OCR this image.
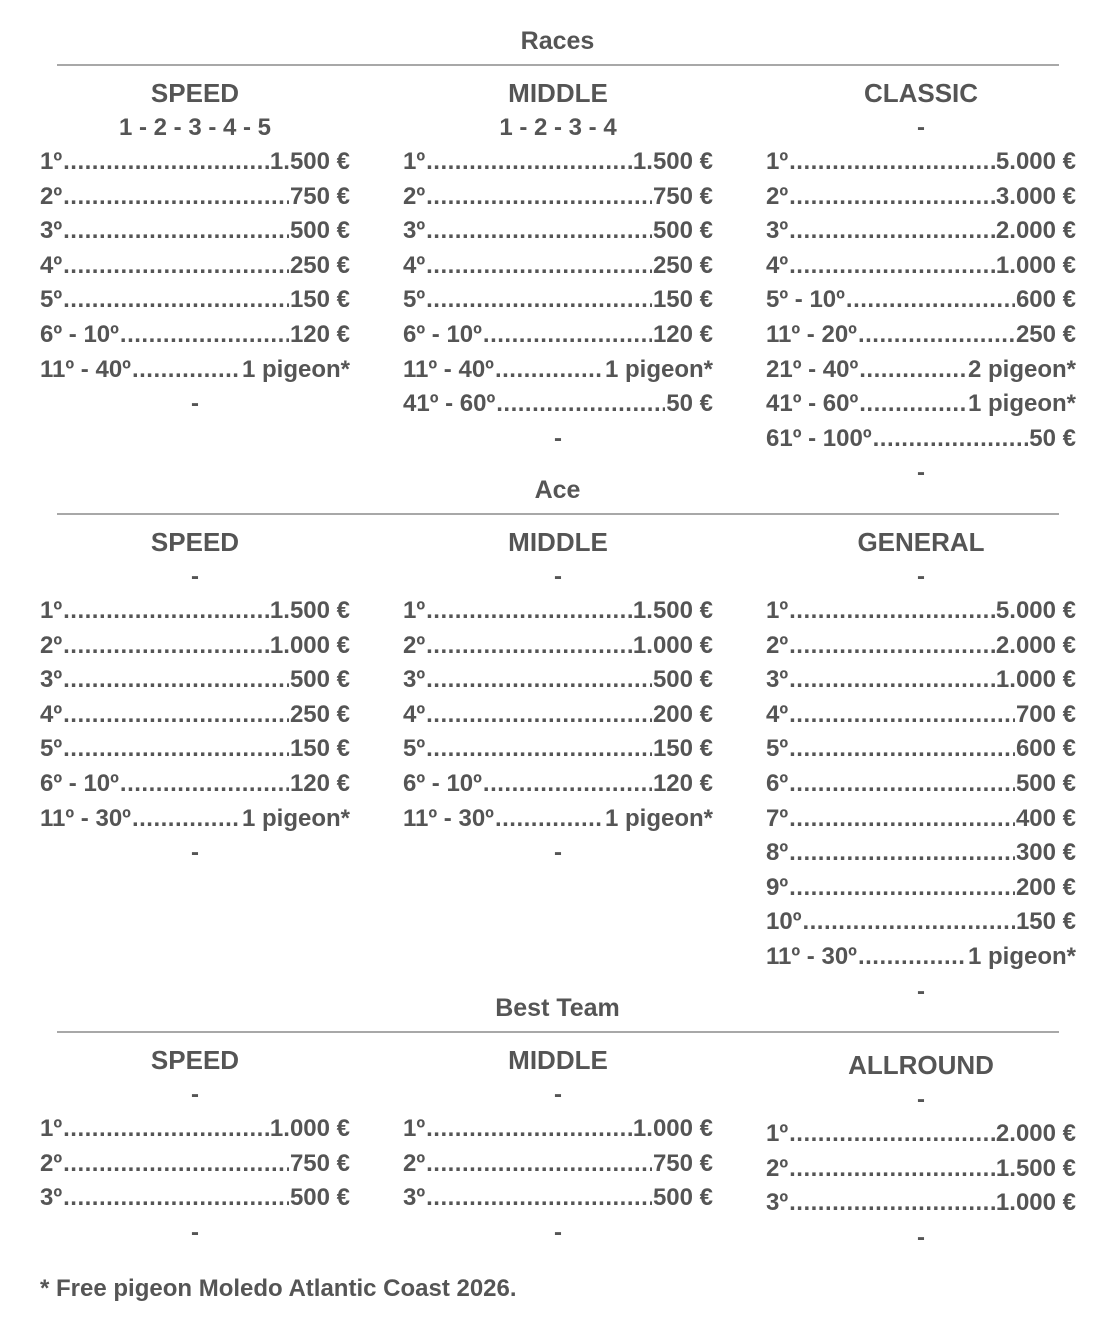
* Free pigeon Moledo Atlantic Coast 2026.
Races
SPEED
1 - 2 - 3 - 4 - 5
1º .....	1.500 €
2º .....	750 €
3º .....	500 €
4º .....	250 €
5º .....	150 €
6º - 10º .....	120 €
11º - 40º .....	1 pigeon*
-
MIDDLE
1 - 2 - 3 - 4
1º .....	1.500 €
2º .....	750 €
3º .....	500 €
4º .....	250 €
5º .....	150 €
6º - 10º .....	120 €
11º - 40º .....	1 pigeon*
41º - 60º .....	50 €
-
CLASSIC
-
1º .....	5.000 €
2º .....	3.000 €
3º .....	2.000 €
4º .....	1.000 €
5º - 10º .....	600 €
11º - 20º .....	250 €
21º - 40º .....	2 pigeon*
41º - 60º .....	1 pigeon*
61º - 100º .....	50 €
-
Ace
SPEED
-
1º .....	1.500 €
2º .....	1.000 €
3º .....	500 €
4º .....	250 €
5º .....	150 €
6º - 10º .....	120 €
11º - 30º .....	1 pigeon*
-
MIDDLE
-
1º .....	1.500 €
2º .....	1.000 €
3º .....	500 €
4º .....	200 €
5º .....	150 €
6º - 10º .....	120 €
11º - 30º .....	1 pigeon*
-
GENERAL
-
1º .....	5.000 €
2º .....	2.000 €
3º .....	1.000 €
4º .....	700 €
5º .....	600 €
6º .....	500 €
7º .....	400 €
8º .....	300 €
9º .....	200 €
10º .....	150 €
11º - 30º .....	1 pigeon*
-
Best Team
SPEED
-
1º .....	1.000 €
2º .....	750 €
3º .....	500 €
-
MIDDLE
-
1º .....	1.000 €
2º .....	750 €
3º .....	500 €
-
ALLROUND
-
1º .....	2.000 €
2º .....	1.500 €
3º .....	1.000 €
-
